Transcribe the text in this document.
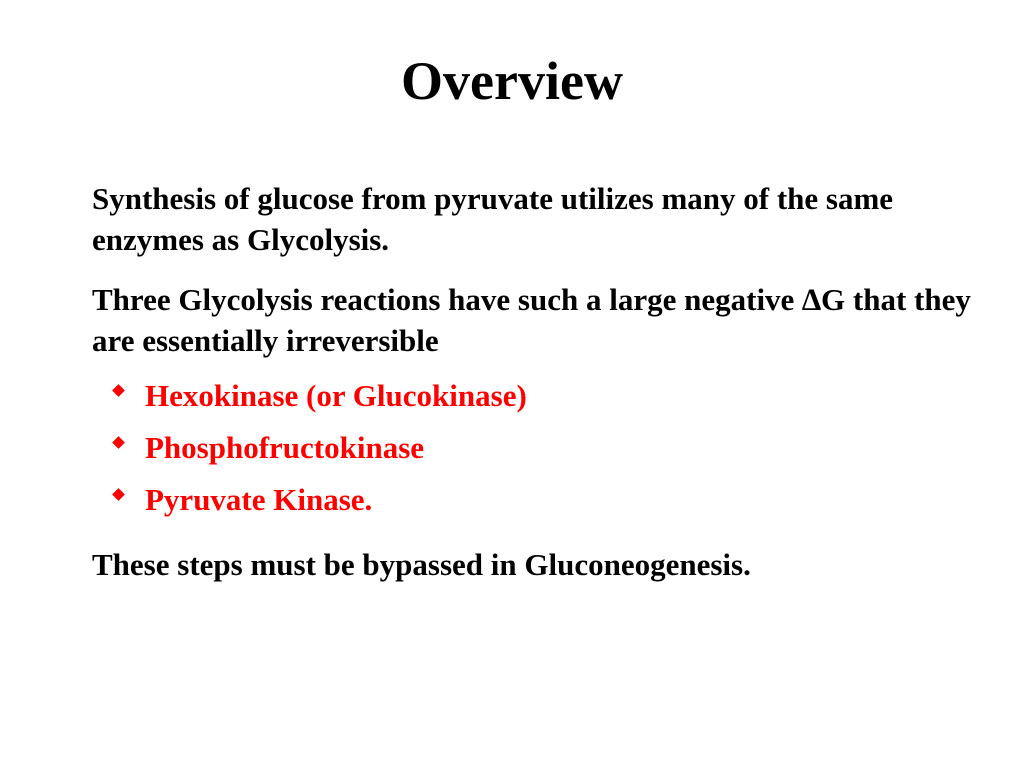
Overview

Synthesis of glucose from pyruvate utilizes many of the same enzymes as Glycolysis.

Three Glycolysis reactions have such a large negative ∆G that they are essentially irreversible

Hexokinase (or Glucokinase)
Phosphofructokinase
Pyruvate Kinase.

These steps must be bypassed in Gluconeogenesis.
